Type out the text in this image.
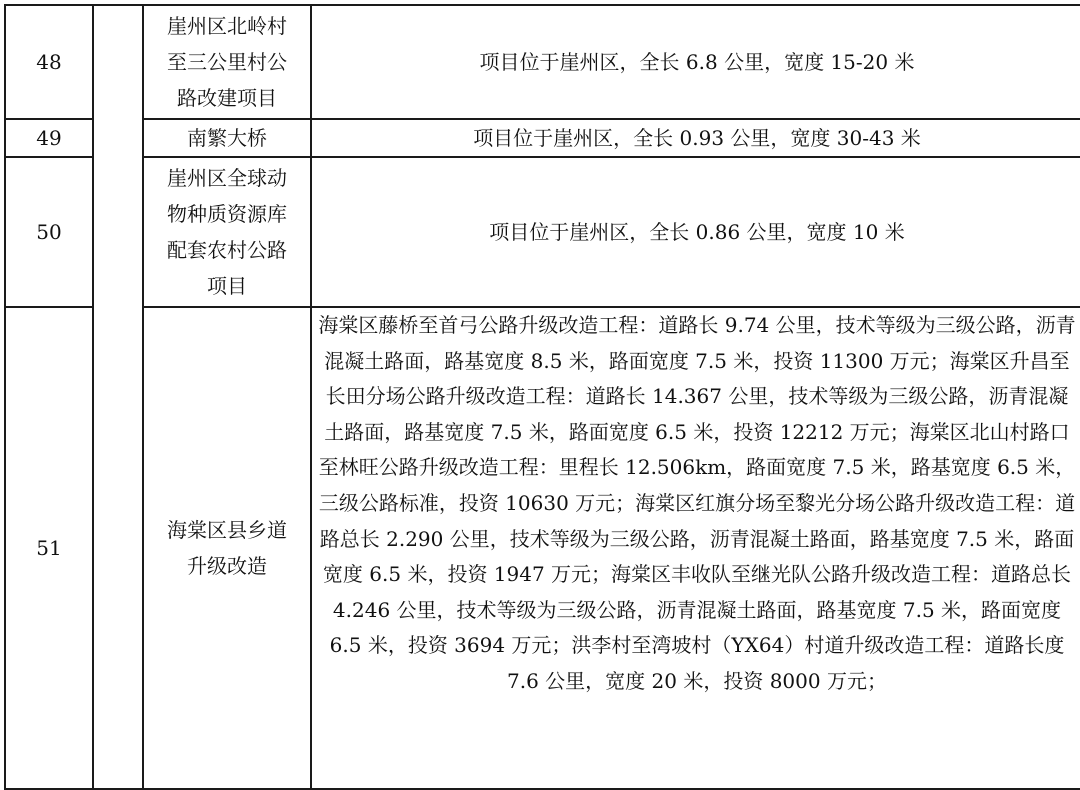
48		崖州区北岭村
至三公里村公
路改建项目	项目位于崖州区，全长 6.8 公里，宽度 15-20 米
49		南繁大桥	项目位于崖州区，全长 0.93 公里，宽度 30-43 米
50		崖州区全球动
物种质资源库
配套农村公路
项目	项目位于崖州区，全长 0.86 公里，宽度 10 米
51		海棠区县乡道
升级改造	海棠区藤桥至首弓公路升级改造工程：道路长 9.74 公里，技术等级为三级公路，沥青混凝土路面，路基宽度 8.5 米，路面宽度 7.5 米，投资 11300 万元；海棠区升昌至长田分场公路升级改造工程：道路长 14.367 公里，技术等级为三级公路，沥青混凝土路面，路基宽度 7.5 米，路面宽度 6.5 米，投资 12212 万元；海棠区北山村路口至林旺公路升级改造工程：里程长 12.506km，路面宽度 7.5 米，路基宽度 6.5 米，三级公路标准，投资 10630 万元；海棠区红旗分场至黎光分场公路升级改造工程：道路总长 2.290 公里，技术等级为三级公路，沥青混凝土路面，路基宽度 7.5 米，路面宽度 6.5 米，投资 1947 万元；海棠区丰收队至继光队公路升级改造工程：道路总长 4.246 公里，技术等级为三级公路，沥青混凝土路面，路基宽度 7.5 米，路面宽度 6.5 米，投资 3694 万元；洪李村至湾坡村（YX64）村道升级改造工程：道路长度 7.6 公里，宽度 20 米，投资 8000 万元；
